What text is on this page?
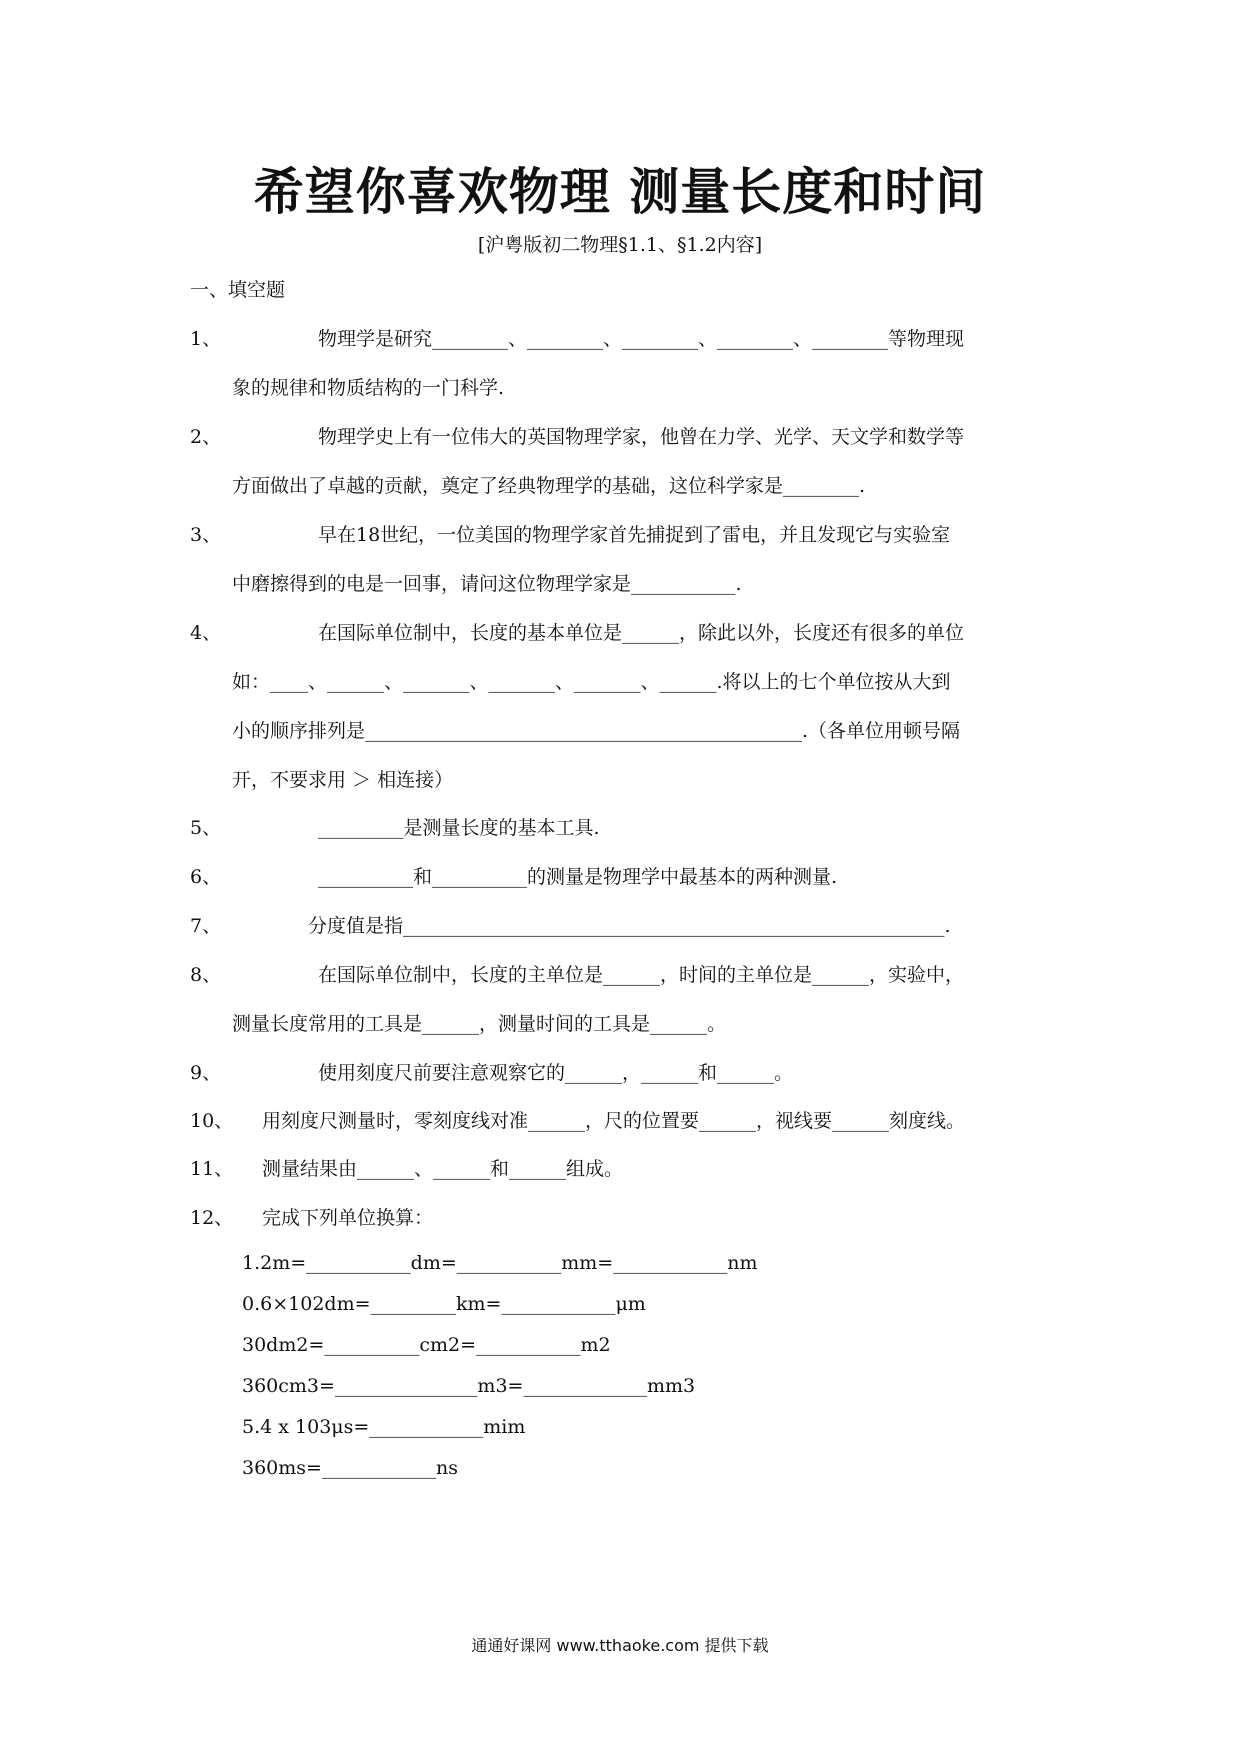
希望你喜欢物理 测量长度和时间

[沪粤版初二物理§1.1、§1.2内容]

一、填空题

1、	物理学是研究________、________、________、________、________等物理现
象的规律和物质结构的一门科学.
2、	物理学史上有一位伟大的英国物理学家，他曾在力学、光学、天文学和数学等
方面做出了卓越的贡献，奠定了经典物理学的基础，这位科学家是________.
3、	早在18世纪，一位美国的物理学家首先捕捉到了雷电，并且发现它与实验室
中磨擦得到的电是一回事，请问这位物理学家是___________.
4、	在国际单位制中，长度的基本单位是______，除此以外，长度还有很多的单位
如：____、______、_______、_______、_______、______.将以上的七个单位按从大到
小的顺序排列是______________________________________________.（各单位用顿号隔
开，不要求用 ＞ 相连接）
5、	_________是测量长度的基本工具.
6、	__________和__________的测量是物理学中最基本的两种测量.
7、	分度值是指_________________________________________________________.
8、	在国际单位制中，长度的主单位是______，时间的主单位是______，实验中，
测量长度常用的工具是______，测量时间的工具是______。
9、	使用刻度尺前要注意观察它的______，______和______。
10、 用刻度尺测量时，零刻度线对准______，尺的位置要______，视线要______刻度线。
11、 测量结果由______、______和______组成。
12、 完成下列单位换算：
1.2m=___________dm=___________mm=____________nm
0.6×102dm=_________km=____________μm
30dm2=__________cm2=___________m2
360cm3=_______________m3=_____________mm3
5.4 x 103μs=____________mim
360ms=____________ns
通通好课网 www.tthaoke.com 提供下载
